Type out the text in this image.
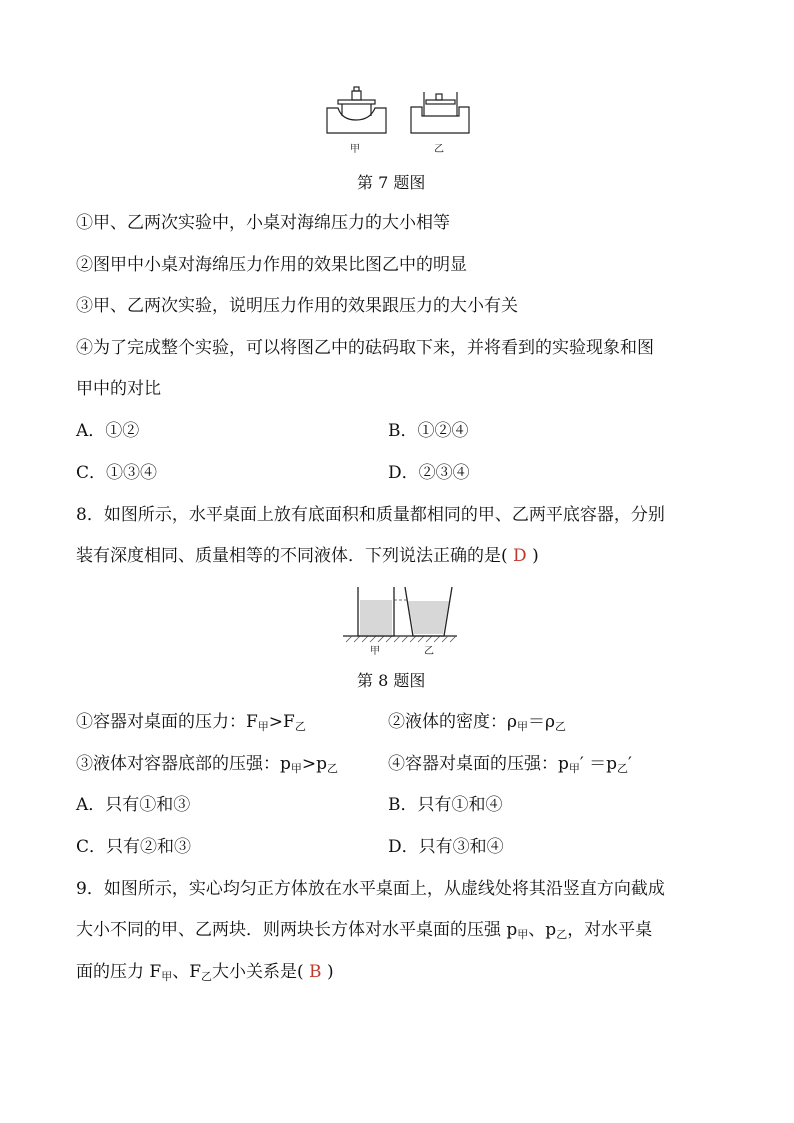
甲	乙
第 7 题图
①甲、乙两次实验中，小桌对海绵压力的大小相等
②图甲中小桌对海绵压力作用的效果比图乙中的明显
③甲、乙两次实验，说明压力作用的效果跟压力的大小有关
④为了完成整个实验，可以将图乙中的砝码取下来，并将看到的实验现象和图
甲中的对比
A．①②	B．①②④
C．①③④	D．②③④
8．如图所示，水平桌面上放有底面积和质量都相同的甲、乙两平底容器，分别
装有深度相同、质量相等的不同液体．下列说法正确的是( D )
甲	乙
第 8 题图
①容器对桌面的压力：$F_甲>F_乙$	②液体的密度：$\rho_甲=\rho_乙$
③液体对容器底部的压强：$p_甲>p_乙$	④容器对桌面的压强：$p_甲' =p_乙'$
A．只有①和③	B．只有①和④
C．只有②和③	D．只有③和④
9．如图所示，实心均匀正方体放在水平桌面上，从虚线处将其沿竖直方向截成
大小不同的甲、乙两块．则两块长方体对水平桌面的压强 $p_甲$、$p_乙$，对水平桌
面的压力 $F_甲$、$F_乙$大小关系是( B )
